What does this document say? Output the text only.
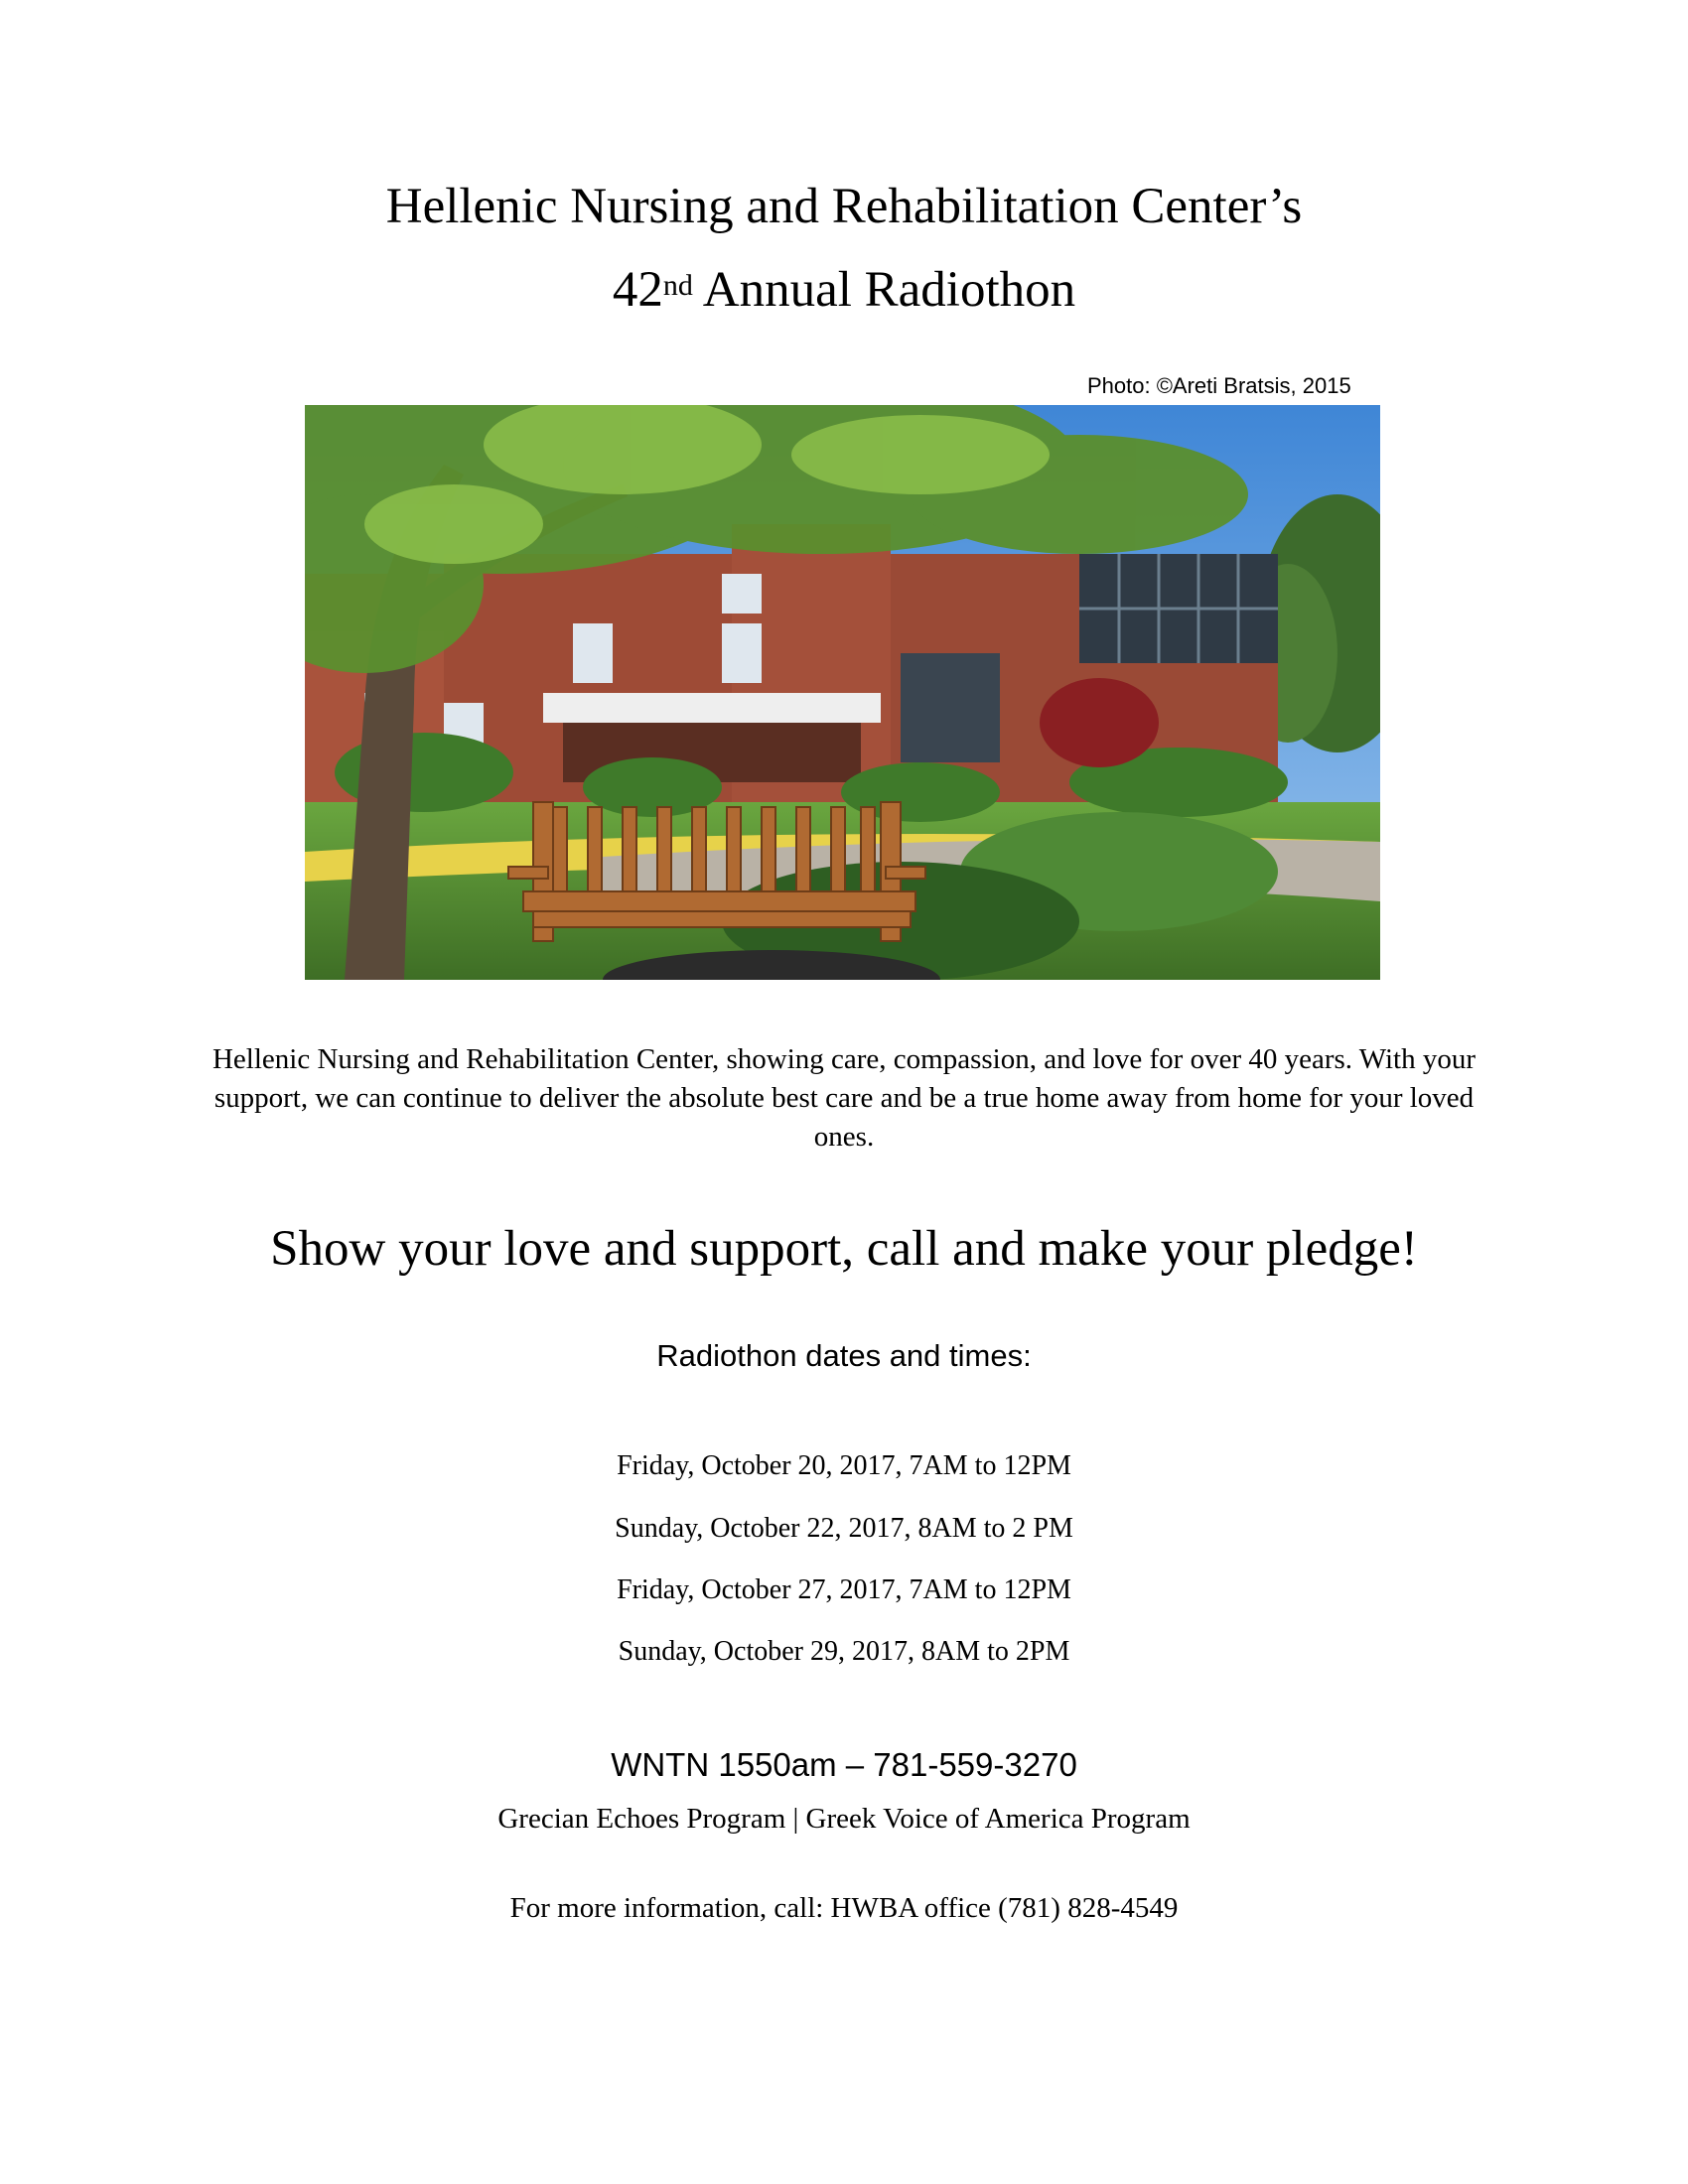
Hellenic Nursing and Rehabilitation Center’s
42nd Annual Radiothon
Photo: ©Areti Bratsis, 2015
Hellenic Nursing and Rehabilitation Center, showing care, compassion, and love for over 40 years. With your support, we can continue to deliver the absolute best care and be a true home away from home for your loved ones.
Show your love and support, call and make your pledge!
Radiothon dates and times:
Friday, October 20, 2017, 7AM to 12PM
Sunday, October 22, 2017, 8AM to 2 PM
Friday, October 27, 2017, 7AM to 12PM
Sunday, October 29, 2017, 8AM to 2PM
WNTN 1550am – 781-559-3270
Grecian Echoes Program | Greek Voice of America Program
For more information, call: HWBA office (781) 828-4549
